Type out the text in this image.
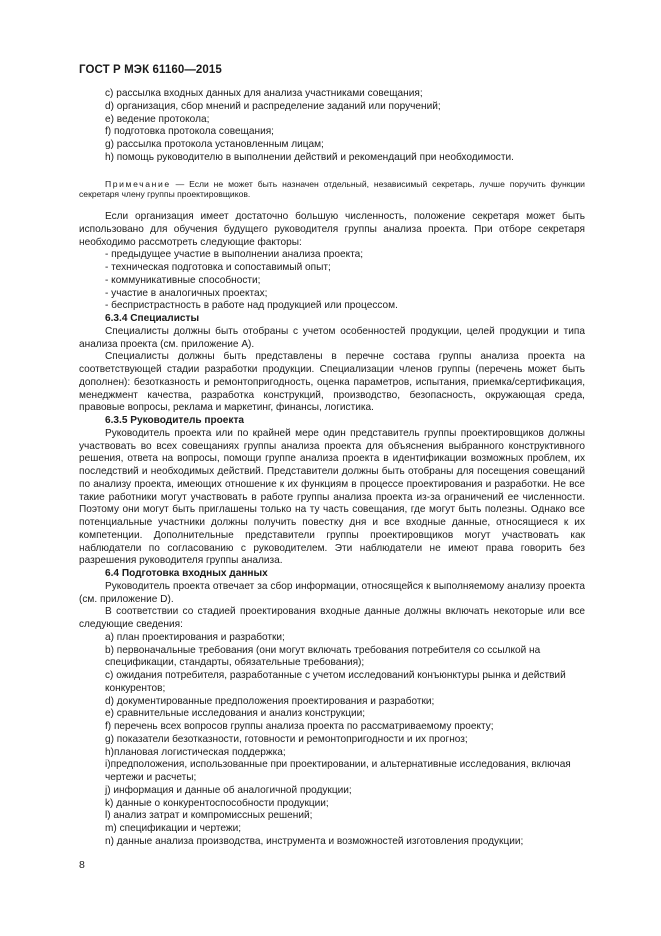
ГОСТ Р МЭК 61160—2015

c) рассылка входных данных для анализа участниками совещания;

d) организация, сбор мнений и распределение заданий или поручений;

e) ведение протокола;

f) подготовка протокола совещания;

g) рассылка протокола установленным лицам;

h) помощь руководителю в выполнении действий и рекомендаций при необходимости.

Примечание — Если не может быть назначен отдельный, независимый секретарь, лучше поручить функции секретаря члену группы проектировщиков.

Если организация имеет достаточно большую численность, положение секретаря может быть использовано для обучения будущего руководителя группы анализа проекта. При отборе секретаря необходимо рассмотреть следующие факторы:

- предыдущее участие в выполнении анализа проекта;

- техническая подготовка и сопоставимый опыт;

- коммуникативные способности;

- участие в аналогичных проектах;

- беспристрастность в работе над продукцией или процессом.

6.3.4 Специалисты

Специалисты должны быть отобраны с учетом особенностей продукции, целей продукции и типа анализа проекта (см. приложение А).

Специалисты должны быть представлены в перечне состава группы анализа проекта на соответствующей стадии разработки продукции. Специализации членов группы (перечень может быть дополнен): безотказность и ремонтопригодность, оценка параметров, испытания, приемка/сертификация, менеджмент качества, разработка конструкций, производство, безопасность, окружающая среда, правовые вопросы, реклама и маркетинг, финансы, логистика.

6.3.5 Руководитель проекта

Руководитель проекта или по крайней мере один представитель группы проектировщиков должны участвовать во всех совещаниях группы анализа проекта для объяснения выбранного конструктивного решения, ответа на вопросы, помощи группе анализа проекта в идентификации возможных проблем, их последствий и необходимых действий. Представители должны быть отобраны для посещения совещаний по анализу проекта, имеющих отношение к их функциям в процессе проектирования и разработки. Не все такие работники могут участвовать в работе группы анализа проекта из-за ограничений ее численности. Поэтому они могут быть приглашены только на ту часть совещания, где могут быть полезны. Однако все потенциальные участники должны получить повестку дня и все входные данные, относящиеся к их компетенции. Дополнительные представители группы проектировщиков могут участвовать как наблюдатели по согласованию с руководителем. Эти наблюдатели не имеют права говорить без разрешения руководителя группы анализа.

6.4 Подготовка входных данных

Руководитель проекта отвечает за сбор информации, относящейся к выполняемому анализу проекта (см. приложение D).

В соответствии со стадией проектирования входные данные должны включать некоторые или все следующие сведения:

a) план проектирования и разработки;

b) первоначальные требования (они могут включать требования потребителя со ссылкой на спецификации, стандарты, обязательные требования);

c) ожидания потребителя, разработанные с учетом исследований конъюнктуры рынка и действий конкурентов;

d) документированные предположения проектирования и разработки;

e) сравнительные исследования и анализ конструкции;

f) перечень всех вопросов группы анализа проекта по рассматриваемому проекту;

g) показатели безотказности, готовности и ремонтопригодности и их прогноз;

h)плановая логистическая поддержка;

i)предположения, использованные при проектировании, и альтернативные исследования, включая чертежи и расчеты;

j) информация и данные об аналогичной продукции;

k) данные о конкурентоспособности продукции;

l) анализ затрат и компромиссных решений;

m) спецификации и чертежи;

n) данные анализа производства, инструмента и возможностей изготовления продукции;

8
